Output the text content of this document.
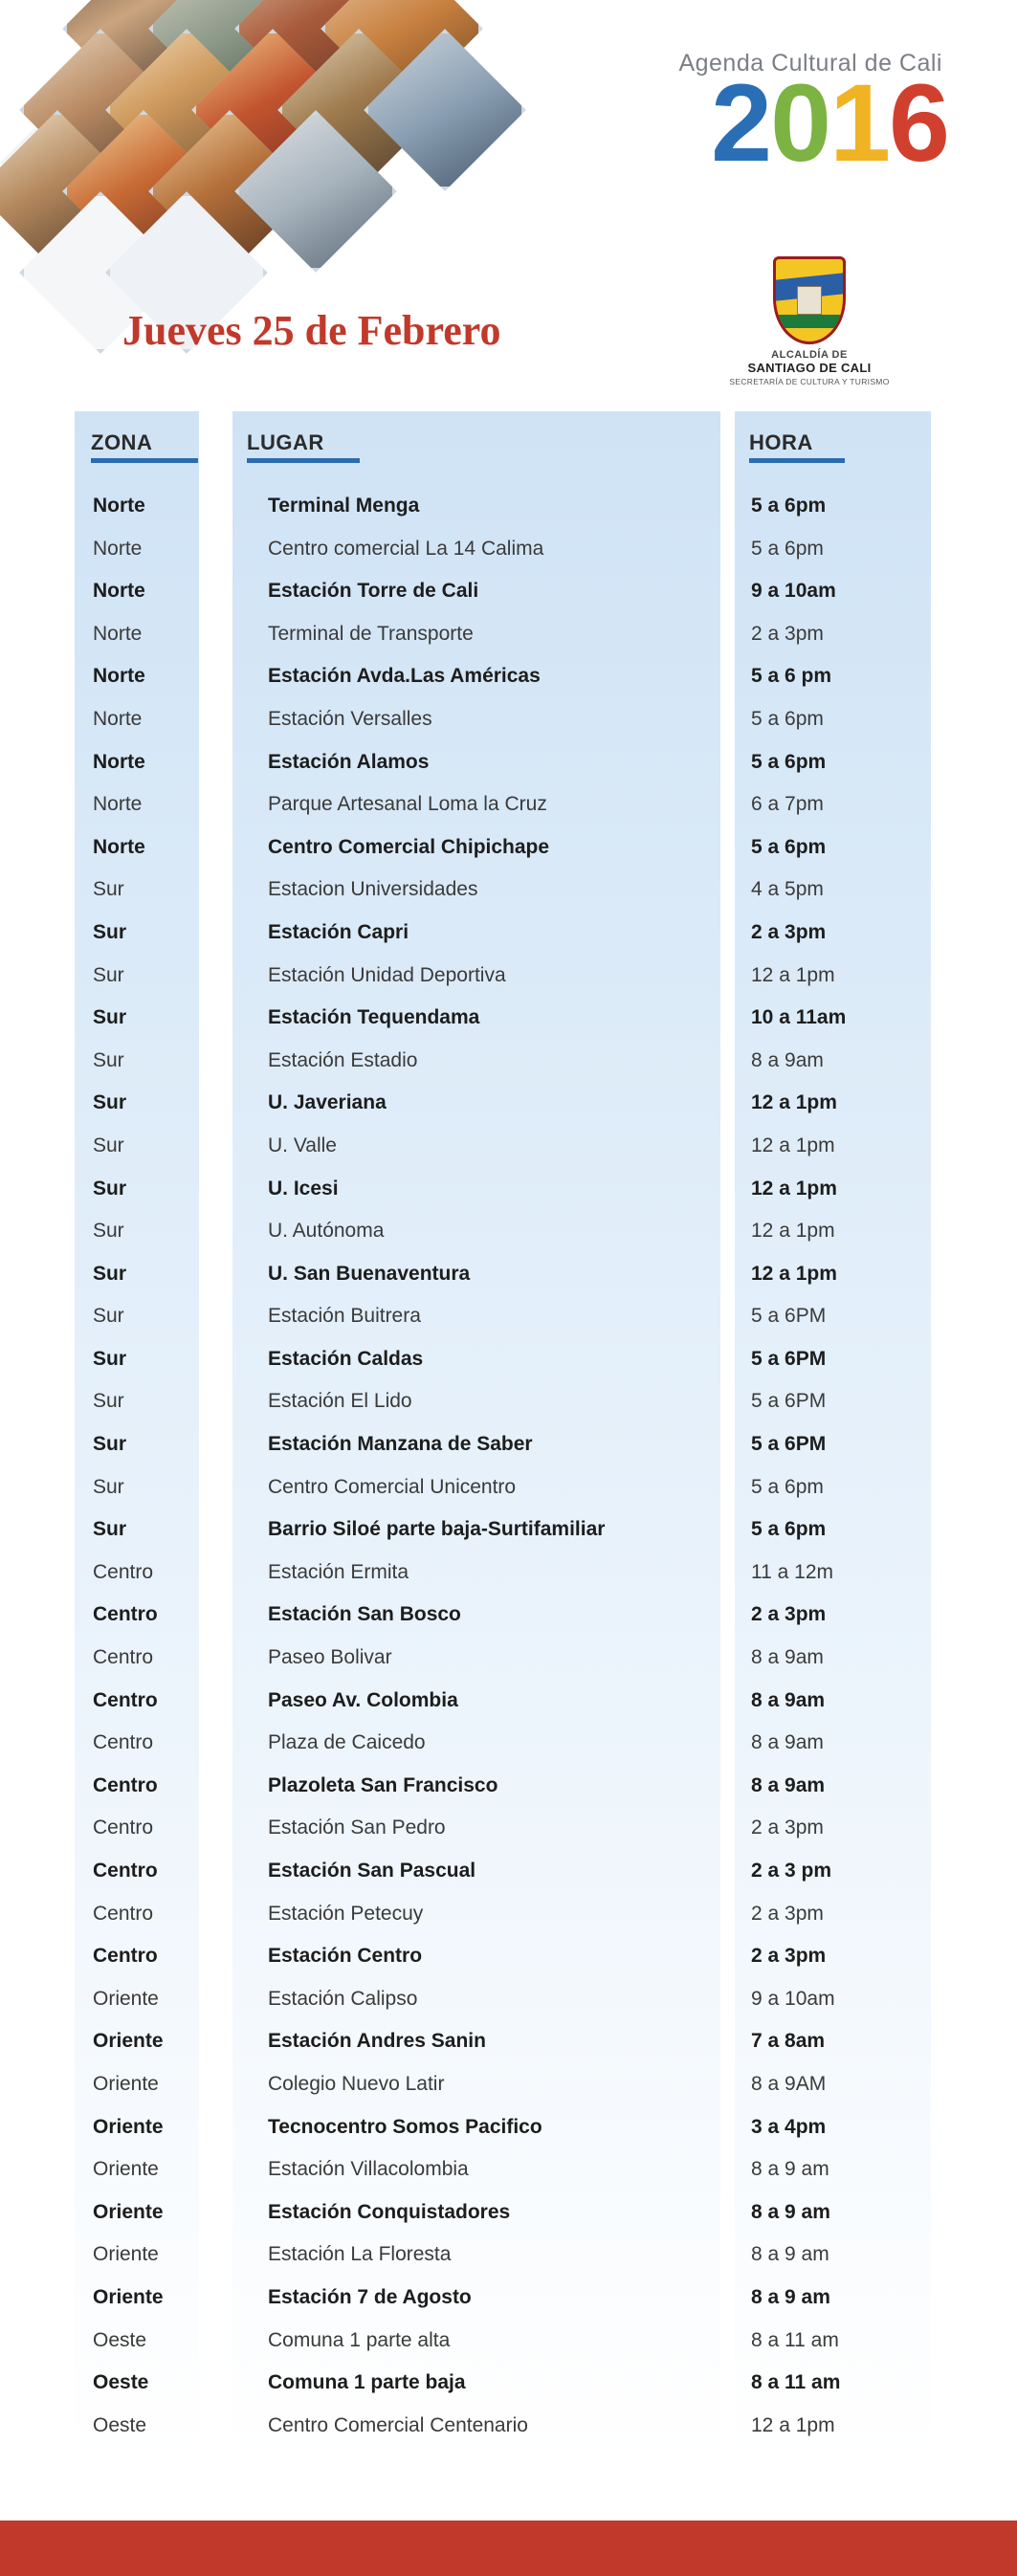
Agenda Cultural de Cali
2016
Jueves 25 de Febrero
ALCALDÍA DE
SANTIAGO DE CALI
SECRETARÍA DE CULTURA Y TURISMO
ZONA	LUGAR	HORA
Norte	Terminal Menga	5 a 6pm
Norte	Centro comercial La 14 Calima	5 a 6pm
Norte	Estación Torre de Cali	9 a 10am
Norte	Terminal de Transporte	2 a 3pm
Norte	Estación Avda.Las Américas	5 a 6 pm
Norte	Estación Versalles	5 a 6pm
Norte	Estación Alamos	5 a 6pm
Norte	Parque Artesanal Loma la Cruz	6 a 7pm
Norte	Centro Comercial Chipichape	5 a 6pm
Sur	Estacion Universidades	4 a 5pm
Sur	Estación Capri	2 a 3pm
Sur	Estación Unidad Deportiva	12 a 1pm
Sur	Estación Tequendama	10 a 11am
Sur	Estación Estadio	8 a 9am
Sur	U. Javeriana	12 a 1pm
Sur	U. Valle	12 a 1pm
Sur	U. Icesi	12 a 1pm
Sur	U. Autónoma	12 a 1pm
Sur	U. San Buenaventura	12 a 1pm
Sur	Estación Buitrera	5 a 6PM
Sur	Estación Caldas	5 a 6PM
Sur	Estación El Lido	5 a 6PM
Sur	Estación Manzana de Saber	5 a 6PM
Sur	Centro Comercial Unicentro	5 a 6pm
Sur	Barrio Siloé parte baja-Surtifamiliar	5 a 6pm
Centro	Estación Ermita	11 a 12m
Centro	Estación San Bosco	2 a 3pm
Centro	Paseo Bolivar	8 a 9am
Centro	Paseo Av. Colombia	8 a 9am
Centro	Plaza de Caicedo	8 a 9am
Centro	Plazoleta San Francisco	8 a 9am
Centro	Estación San Pedro	2 a 3pm
Centro	Estación San Pascual	2 a 3 pm
Centro	Estación Petecuy	2 a 3pm
Centro	Estación Centro	2 a 3pm
Oriente	Estación Calipso	9 a 10am
Oriente	Estación Andres Sanin	7 a 8am
Oriente	Colegio Nuevo Latir	8 a 9AM
Oriente	Tecnocentro Somos Pacifico	3 a 4pm
Oriente	Estación Villacolombia	8 a 9 am
Oriente	Estación Conquistadores	8 a 9 am
Oriente	Estación La Floresta	8 a 9 am
Oriente	Estación 7 de Agosto	8 a 9 am
Oeste	Comuna 1 parte alta	8 a 11 am
Oeste	Comuna 1 parte baja	8 a 11 am
Oeste	Centro Comercial Centenario	12 a 1pm
